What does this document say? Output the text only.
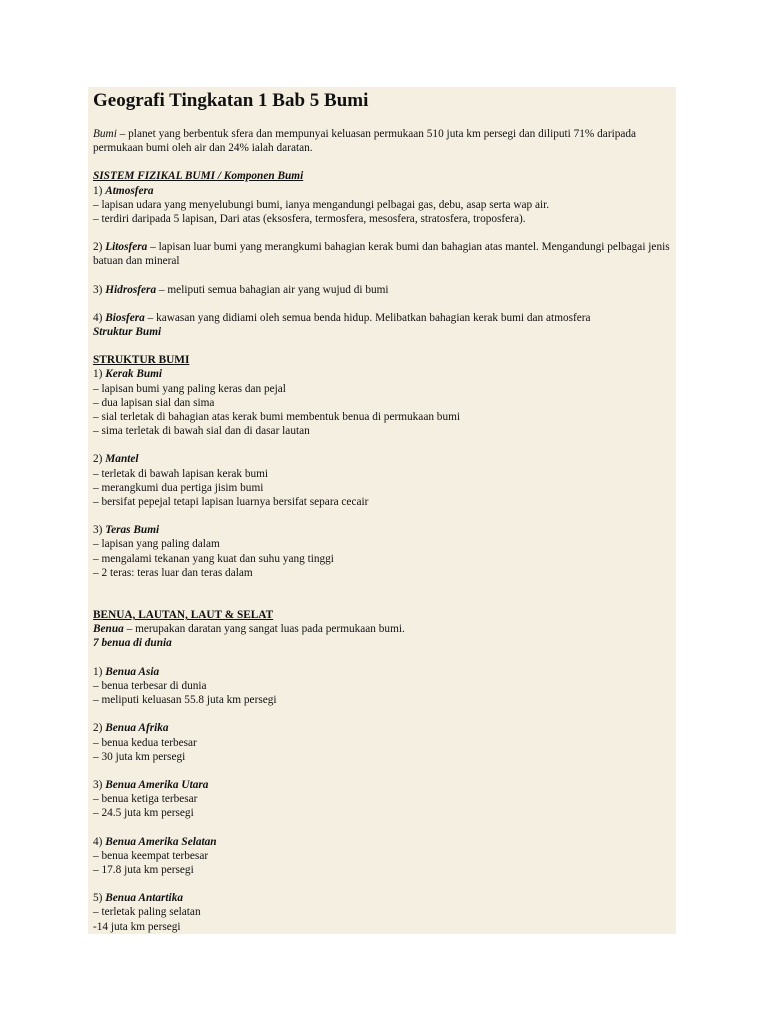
Geografi Tingkatan 1 Bab 5 Bumi

Bumi – planet yang berbentuk sfera dan mempunyai keluasan permukaan 510 juta km persegi dan diliputi 71% daripada permukaan bumi oleh air dan 24% ialah daratan.

SISTEM FIZIKAL BUMI / Komponen Bumi

1) Atmosfera

– lapisan udara yang menyelubungi bumi, ianya mengandungi pelbagai gas, debu, asap serta wap air.

– terdiri daripada 5 lapisan, Dari atas (eksosfera, termosfera, mesosfera, stratosfera, troposfera).

2) Litosfera – lapisan luar bumi yang merangkumi bahagian kerak bumi dan bahagian atas mantel. Mengandungi pelbagai jenis batuan dan mineral

3) Hidrosfera – meliputi semua bahagian air yang wujud di bumi

4) Biosfera – kawasan yang didiami oleh semua benda hidup. Melibatkan bahagian kerak bumi dan atmosfera

Struktur Bumi

STRUKTUR BUMI

1) Kerak Bumi

– lapisan bumi yang paling keras dan pejal

– dua lapisan sial dan sima

– sial terletak di bahagian atas kerak bumi membentuk benua di permukaan bumi

– sima terletak di bawah sial dan di dasar lautan

2) Mantel

– terletak di bawah lapisan kerak bumi

– merangkumi dua pertiga jisim bumi

– bersifat pepejal tetapi lapisan luarnya bersifat separa cecair

3) Teras Bumi

– lapisan yang paling dalam

– mengalami tekanan yang kuat dan suhu yang tinggi

– 2 teras: teras luar dan teras dalam

BENUA, LAUTAN, LAUT & SELAT

Benua – merupakan daratan yang sangat luas pada permukaan bumi.

7 benua di dunia

1) Benua Asia

– benua terbesar di dunia

– meliputi keluasan 55.8 juta km persegi

2) Benua Afrika

– benua kedua terbesar

– 30 juta km persegi

3) Benua Amerika Utara

– benua ketiga terbesar

– 24.5 juta km persegi

4) Benua Amerika Selatan

– benua keempat terbesar

– 17.8 juta km persegi

5) Benua Antartika

– terletak paling selatan

-14 juta km persegi
